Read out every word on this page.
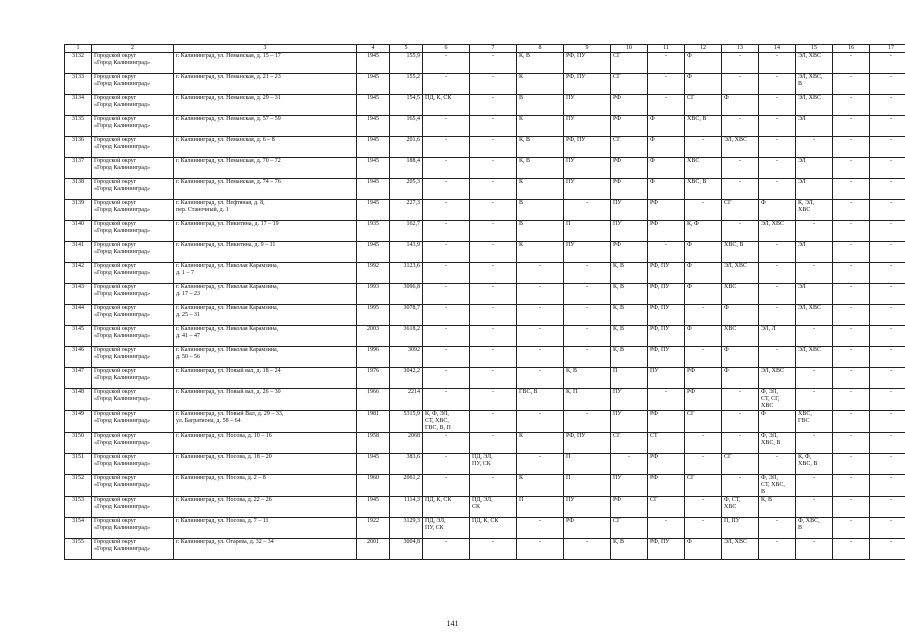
1	2	3	4	5	6	7	8	9	10	11	12	13	14	15	16	17
3132	Городской округ
«Город Калининград»	г. Калининград, ул. Неманская, д. 15 – 17	1945	155,9	-	-	К, В	РФ, ПУ	СГ	-	Ф	-	-	ЭЛ, ХВС	-	-
3133	Городской округ
«Город Калининград»	г. Калининград, ул. Неманская, д. 21 – 23	1945	155,2	-	-	К	РФ, ПУ	СГ	-	Ф	-	-	ЭЛ, ХВС,
В	-	-
3134	Городской округ
«Город Калининград»	г. Калининград, ул. Неманская, д. 29 – 31	1945	154,5	ПД, К, СК	-	В	ПУ	РФ	-	СГ	Ф	-	ЭЛ, ХВС	-	-
3135	Городской округ
«Город Калининград»	г. Калининград, ул. Неманская, д. 57 – 59	1945	165,4	-	-	К	ПУ	РФ	Ф	ХВС, В	-	-	ЭЛ	-	-
3136	Городской округ
«Город Калининград»	г. Калининград, ул. Неманская, д. 6 – 8	1945	201,6	-	-	К, В	РФ, ПУ	СГ	Ф	-	ЭЛ, ХВС	-	-	-	-
3137	Городской округ
«Город Калининград»	г. Калининград, ул. Неманская, д. 70 – 72	1945	188,4	-	-	К, В	ПУ	РФ	Ф	ХВС	-	-	ЭЛ	-	-
3138	Городской округ
«Город Калининград»	г. Калининград, ул. Неманская, д. 74 – 76	1945	205,3	-	-	К	ПУ	РФ	Ф	ХВС, В	-	-	ЭЛ	-	-
3139	Городской округ
«Город Калининград»	г. Калининград, ул. Нефтяная, д. 8,
пер. Станочный, д. 1	1945	227,3	-	-	В	-	ПУ	РФ	-	СГ	Ф	К, ЭЛ,
ХВС	-	-
3140	Городской округ
«Город Калининград»	г. Калининград, ул. Никитина, д. 17 – 19	1935	162,7	-	-	В	П	ПУ	РФ	К, Ф	-	ЭЛ, ХВС	-	-	-
3141	Городской округ
«Город Калининград»	г. Калининград, ул. Никитина, д. 9 – 11	1945	143,9	-	-	К	ПУ	РФ	-	Ф	ХВС, В	-	ЭЛ	-	-
3142	Городской округ
«Город Калининград»	г. Калининград, ул. Николая Карамзина,
д. 1 – 7	1992	3123,6	-	-	-	-	К, В	РФ, ПУ	Ф	ЭЛ, ХВС	-	-	-	-
3143	Городской округ
«Город Калининград»	г. Калининград, ул. Николая Карамзина,
д. 17 – 23	1993	3096,8	-	-	-	-	К, В	РФ, ПУ	Ф	ХВС	-	ЭЛ	-	-
3144	Городской округ
«Город Калининград»	г. Калининград, ул. Николая Карамзина,
д. 25 – 31	1995	3078,7	-	-	-	-	К, В	РФ, ПУ	-	Ф	-	ЭЛ, ХВС	-	-
3145	Городской округ
«Город Калининград»	г. Калининград, ул. Николая Карамзина,
д. 41 – 47	2003	3618,2	-	-	-	-	К, В	РФ, ПУ	Ф	ХВС	ЭЛ, Л	-	-	-
3146	Городской округ
«Город Калининград»	г. Калининград, ул. Николая Карамзина,
д. 50 – 56	1996	3092	-	-	-	-	К, В	РФ, ПУ	-	Ф	-	ЭЛ, ХВС	-	-
3147	Городской округ
«Город Калининград»	г. Калининград, ул. Новый вал, д. 18 – 24	1976	3042,2	-	-	-	К, В	П	ПУ	РФ	Ф	ЭЛ, ХВС	-	-	-
3148	Городской округ
«Город Калининград»	г. Калининград, ул. Новый вал, д. 26 – 30	1966	2214	-	-	ГВС, В	К, П	ПУ	-	РФ	-	Ф, ЭЛ,
СТ, СГ,
ХВС	-	-	-
3149	Городской округ
«Город Калининград»	г. Калининград, ул. Новый Вал, д. 29 – 33,
ул. Багратиона, д. 58 – 64	1981	5315,9	К, Ф, ЭЛ,
СТ, ХВС,
ГВС, В, П	-	-	-	ПУ	РФ	СГ	-	Ф	ХВС,
ГВС	-	-
3150	Городской округ
«Город Калининград»	г. Калининград, ул. Носова, д. 10 – 16	1958	2068	-	-	К	РФ, ПУ	СГ	СТ	-	-	Ф, ЭЛ,
ХВС, В	-	-	-
3151	Городской округ
«Город Калининград»	г. Калининград, ул. Носова, д. 18 – 20	1945	383,6	-	ПД, ЭЛ,
ПУ, СК	-	П	-	РФ	-	СГ	-	К, Ф,
ХВС, В	-	-
3152	Городской округ
«Город Калининград»	г. Калининград, ул. Носова, д. 2 – 8	1960	2061,2	-	-	К	П	ПУ	РФ	СГ	-	Ф, ЭЛ,
СТ, ХВС,
В	-	-	-
3153	Городской округ
«Город Калининград»	г. Калининград, ул. Носова, д. 22 – 26	1945	1114,3	ПД, К, СК	ПД, ЭЛ,
СК	П	ПУ	РФ	СГ	-	Ф, СТ,
ХВС	К, В	-	-	-
3154	Городской округ
«Город Калининград»	г. Калининград, ул. Носова, д. 7 – 11	1922	3129,3	ПД, ЭЛ,
ПУ, СК	ПД, К, СК	-	РФ	СГ	-	-	П, ПУ	-	Ф, ХВС,
В	-	-
3155	Городской округ
«Город Калининград»	г. Калининград, ул. Огарева, д. 32 – 34	2001	3004,8	-	-	-	-	К, В	РФ, ПУ	Ф	ЭЛ, ХВС	-	-	-	-
141
